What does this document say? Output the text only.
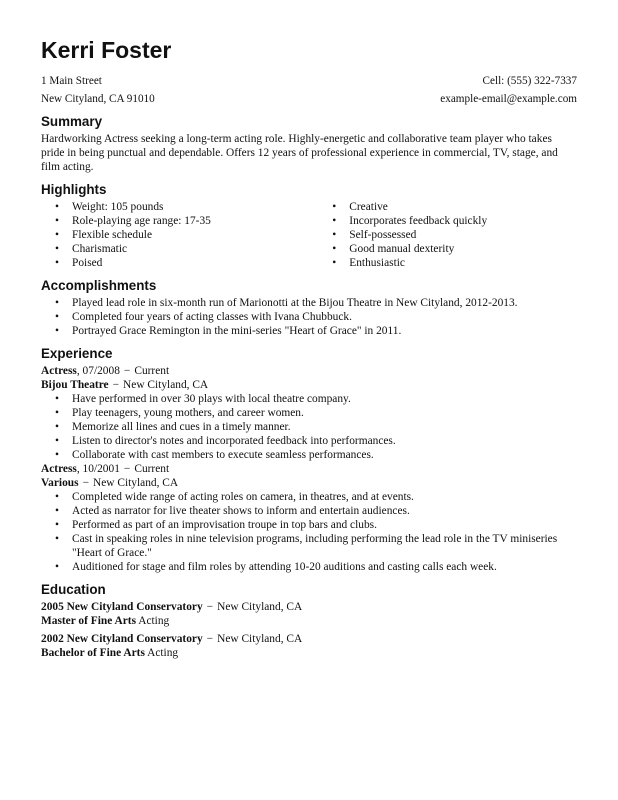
Kerri Foster
1 Main Street
New Cityland, CA 91010
Cell: (555) 322-7337
example-email@example.com
Summary

Hardworking Actress seeking a long-term acting role. Highly-energetic and collaborative team player who takes pride in being punctual and dependable. Offers 12 years of professional experience in commercial, TV, stage, and film acting.

Highlights
• Weight: 105 pounds
• Role-playing age range: 17-35
• Flexible schedule
• Charismatic
• Poised
• Creative
• Incorporates feedback quickly
• Self-possessed
• Good manual dexterity
• Enthusiastic
Accomplishments
• Played lead role in six-month run of Marionotti at the Bijou Theatre in New Cityland, 2012-2013.
• Completed four years of acting classes with Ivana Chubbuck.
• Portrayed Grace Remington in the mini-series "Heart of Grace" in 2011.
Experience
Actress, 07/2008 − Current
Bijou Theatre − New Cityland, CA
• Have performed in over 30 plays with local theatre company.
• Play teenagers, young mothers, and career women.
• Memorize all lines and cues in a timely manner.
• Listen to director's notes and incorporated feedback into performances.
• Collaborate with cast members to execute seamless performances.
Actress, 10/2001 − Current
Various − New Cityland, CA
• Completed wide range of acting roles on camera, in theatres, and at events.
• Acted as narrator for live theater shows to inform and entertain audiences.
• Performed as part of an improvisation troupe in top bars and clubs.
• Cast in speaking roles in nine television programs, including performing the lead role in the TV miniseries "Heart of Grace."
• Auditioned for stage and film roles by attending 10-20 auditions and casting calls each week.
Education
2005 New Cityland Conservatory − New Cityland, CA
Master of Fine Arts Acting
2002 New Cityland Conservatory − New Cityland, CA
Bachelor of Fine Arts Acting
